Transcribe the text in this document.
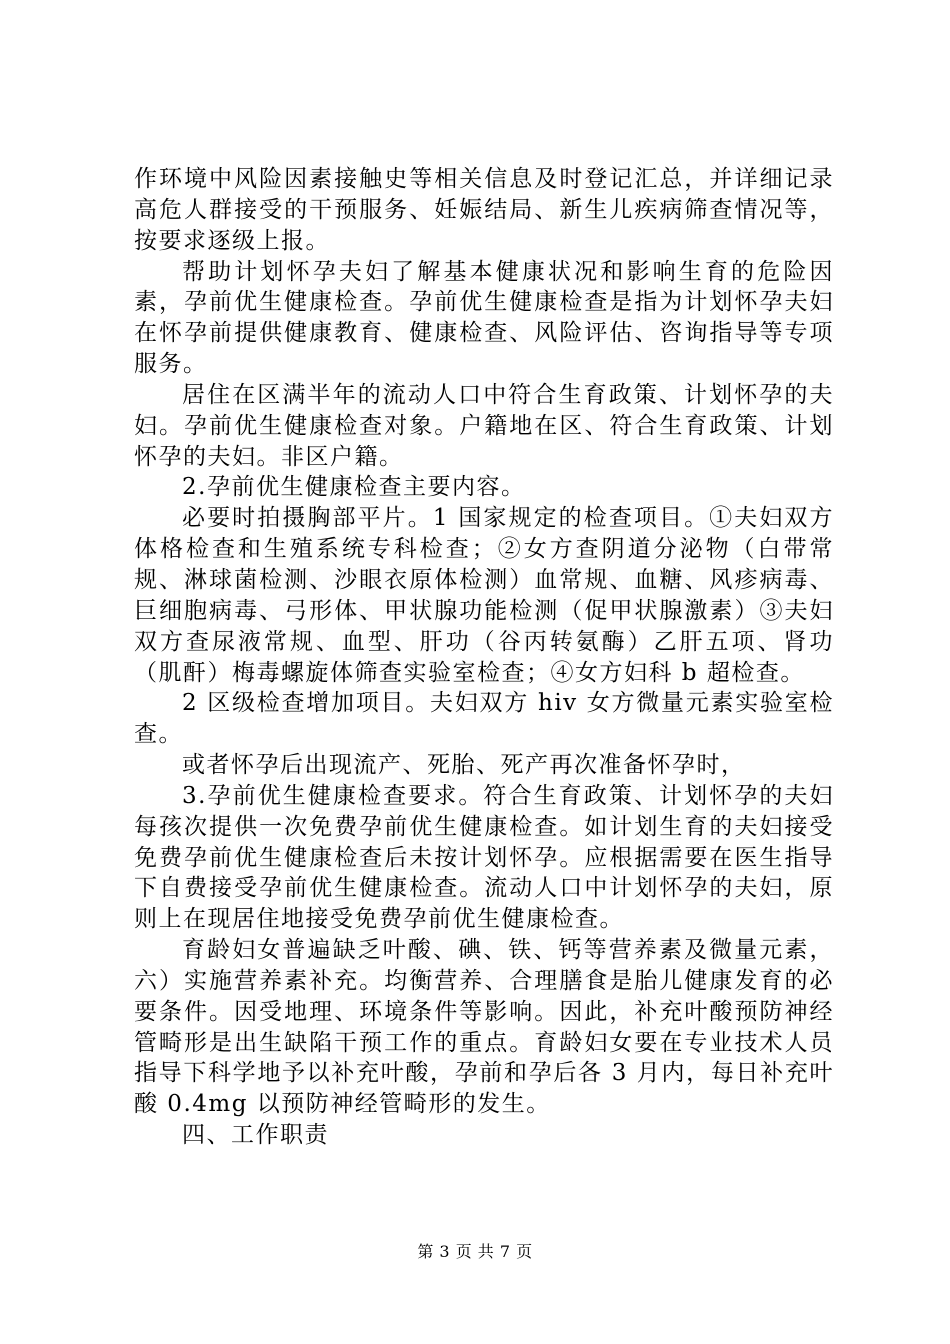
作环境中风险因素接触史等相关信息及时登记汇总，并详细记录高危人群接受的干预服务、妊娠结局、新生儿疾病筛查情况等，按要求逐级上报。

帮助计划怀孕夫妇了解基本健康状况和影响生育的危险因素，孕前优生健康检查。孕前优生健康检查是指为计划怀孕夫妇在怀孕前提供健康教育、健康检查、风险评估、咨询指导等专项服务。

居住在区满半年的流动人口中符合生育政策、计划怀孕的夫妇。孕前优生健康检查对象。户籍地在区、符合生育政策、计划怀孕的夫妇。非区户籍。

2.孕前优生健康检查主要内容。

必要时拍摄胸部平片。1 国家规定的检查项目。①夫妇双方体格检查和生殖系统专科检查；②女方查阴道分泌物（白带常规、淋球菌检测、沙眼衣原体检测）血常规、血糖、风疹病毒、巨细胞病毒、弓形体、甲状腺功能检测（促甲状腺激素）③夫妇双方查尿液常规、血型、肝功（谷丙转氨酶）乙肝五项、肾功（肌酐）梅毒螺旋体筛查实验室检查；④女方妇科 b 超检查。

2 区级检查增加项目。夫妇双方 hiv 女方微量元素实验室检查。

或者怀孕后出现流产、死胎、死产再次准备怀孕时，

3.孕前优生健康检查要求。符合生育政策、计划怀孕的夫妇每孩次提供一次免费孕前优生健康检查。如计划生育的夫妇接受免费孕前优生健康检查后未按计划怀孕。应根据需要在医生指导下自费接受孕前优生健康检查。流动人口中计划怀孕的夫妇，原则上在现居住地接受免费孕前优生健康检查。

育龄妇女普遍缺乏叶酸、碘、铁、钙等营养素及微量元素，六）实施营养素补充。均衡营养、合理膳食是胎儿健康发育的必要条件。因受地理、环境条件等影响。因此，补充叶酸预防神经管畸形是出生缺陷干预工作的重点。育龄妇女要在专业技术人员指导下科学地予以补充叶酸，孕前和孕后各 3 月内，每日补充叶酸 0.4mg 以预防神经管畸形的发生。

四、工作职责

第 3 页 共 7 页
